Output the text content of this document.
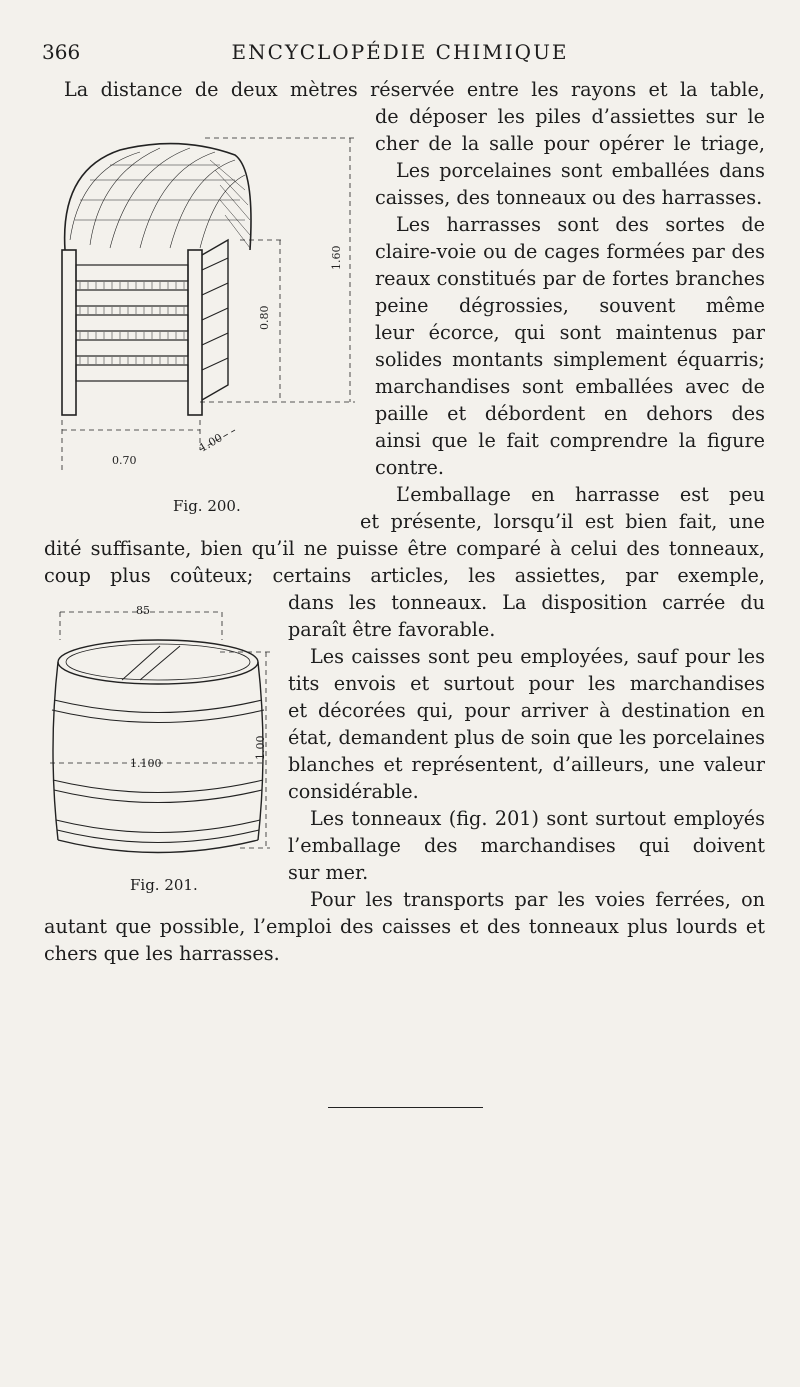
366	ENCYCLOPÉDIE CHIMIQUE

La distance de deux mètres réservée entre les rayons et la table,

de déposer les piles d’assiettes sur le

cher de la salle pour opérer le triage,

Les porcelaines sont emballées dans

caisses, des tonneaux ou des harrasses.

Les harrasses sont des sortes de

claire-voie ou de cages formées par des

reaux constitués par de fortes branches

peine dégrossies, souvent même

leur écorce, qui sont maintenus par

solides montants simplement équarris;

marchandises sont emballées avec de

paille et débordent en dehors des

ainsi que le fait comprendre la figure

contre.

L’emballage en harrasse est peu

et présente, lorsqu’il est bien fait, une

dité suffisante, bien qu’il ne puisse être comparé à celui des tonneaux,

coup plus coûteux; certains articles, les assiettes, par exemple,

dans les tonneaux. La disposition carrée du

paraît être favorable.

Les caisses sont peu employées, sauf pour les

tits envois et surtout pour les marchandises

et décorées qui, pour arriver à destination en

état, demandent plus de soin que les porcelaines

blanches et représentent, d’ailleurs, une valeur

considérable.

Les tonneaux (fig. 201) sont surtout employés

l’emballage des marchandises qui doivent

sur mer.

Pour les transports par les voies ferrées, on

autant que possible, l’emploi des caisses et des tonneaux plus lourds et

chers que les harrasses.

1.60
0.80
0.70
1.00
Fig. 200.
85
1.100
1.00
Fig. 201.
